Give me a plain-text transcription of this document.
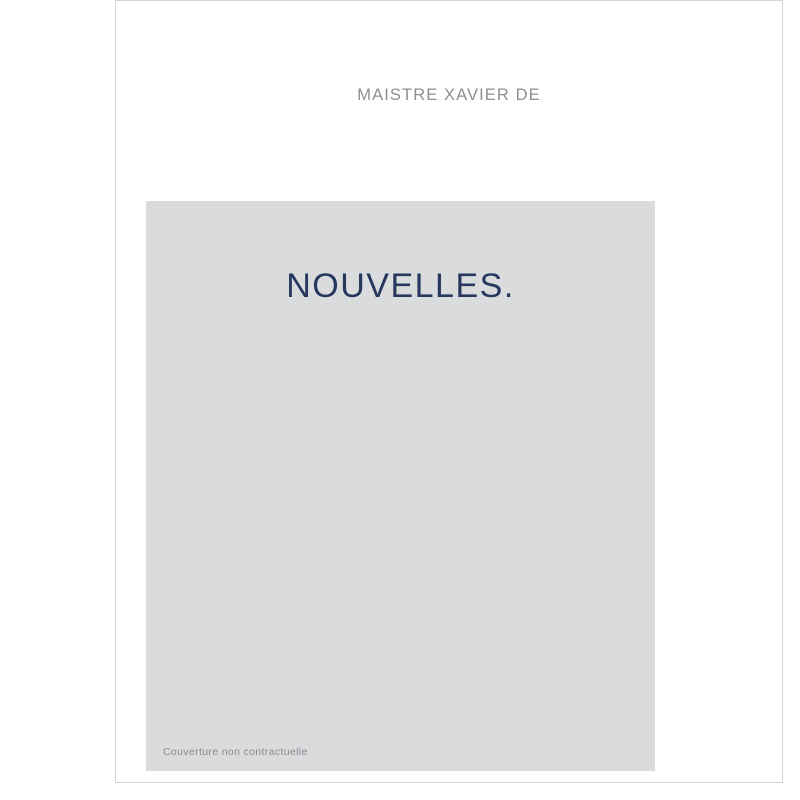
MAISTRE XAVIER DE
NOUVELLES.
Couverture non contractuelle
